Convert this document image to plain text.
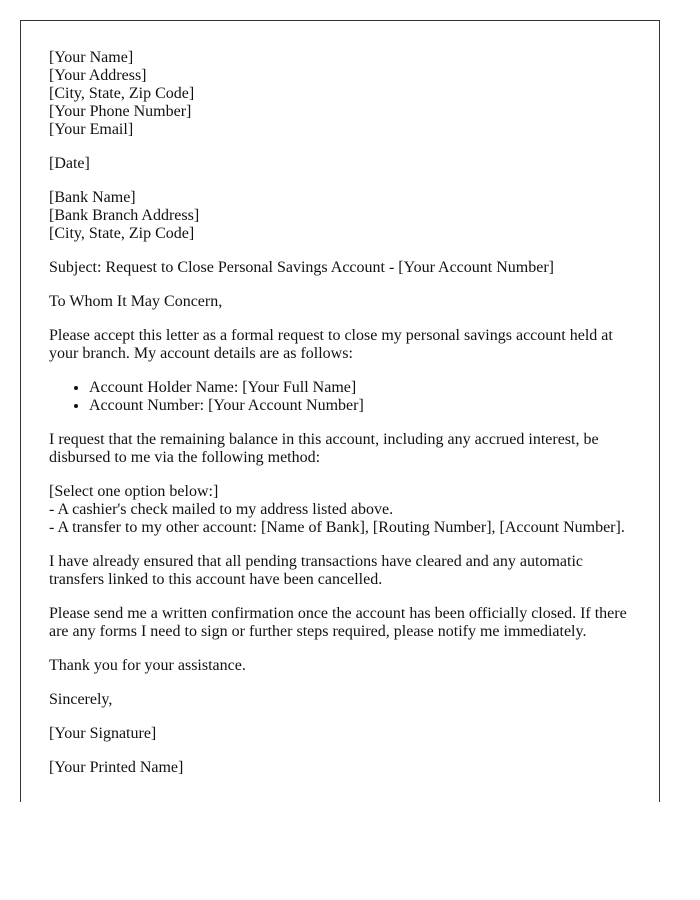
[Your Name]
[Your Address]
[City, State, Zip Code]
[Your Phone Number]
[Your Email]

[Date]

[Bank Name]
[Bank Branch Address]
[City, State, Zip Code]

Subject: Request to Close Personal Savings Account - [Your Account Number]

To Whom It May Concern,

Please accept this letter as a formal request to close my personal savings account held at your branch. My account details are as follows:

• Account Holder Name: [Your Full Name]
• Account Number: [Your Account Number]

I request that the remaining balance in this account, including any accrued interest, be disbursed to me via the following method:

[Select one option below:]
- A cashier's check mailed to my address listed above.
- A transfer to my other account: [Name of Bank], [Routing Number], [Account Number].

I have already ensured that all pending transactions have cleared and any automatic transfers linked to this account have been cancelled.

Please send me a written confirmation once the account has been officially closed. If there are any forms I need to sign or further steps required, please notify me immediately.

Thank you for your assistance.

Sincerely,

[Your Signature]

[Your Printed Name]
